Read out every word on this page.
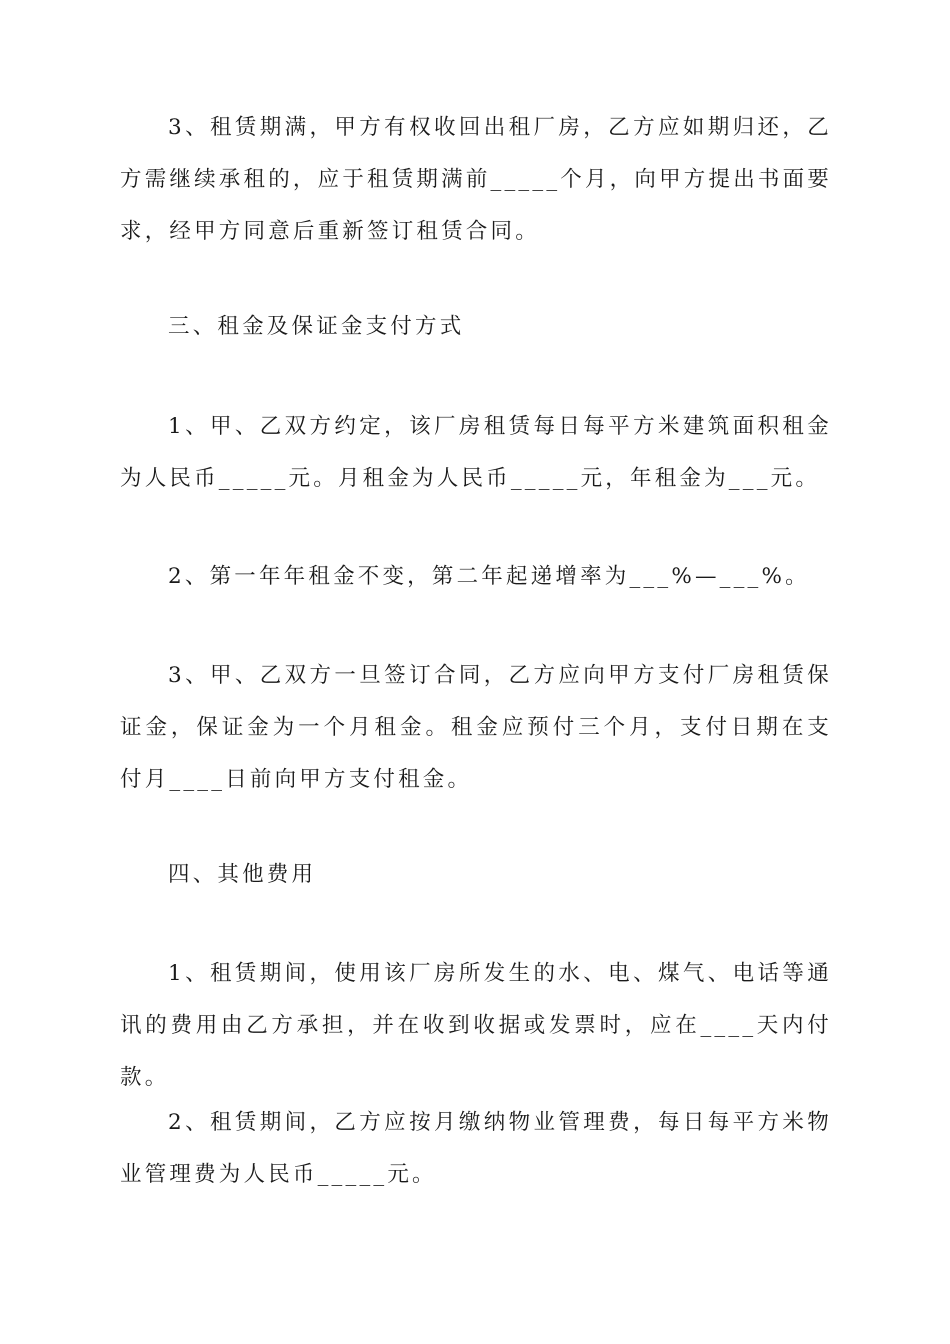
3、租赁期满，甲方有权收回出租厂房，乙方应如期归还，乙方需继续承租的，应于租赁期满前_____个月，向甲方提出书面要求，经甲方同意后重新签订租赁合同。

三、租金及保证金支付方式

1、甲、乙双方约定，该厂房租赁每日每平方米建筑面积租金为人民币_____元。月租金为人民币_____元，年租金为___元。

2、第一年年租金不变，第二年起递增率为___%—___%。

3、甲、乙双方一旦签订合同，乙方应向甲方支付厂房租赁保证金，保证金为一个月租金。租金应预付三个月，支付日期在支付月____日前向甲方支付租金。

四、其他费用

1、租赁期间，使用该厂房所发生的水、电、煤气、电话等通讯的费用由乙方承担，并在收到收据或发票时，应在____天内付款。

2、租赁期间，乙方应按月缴纳物业管理费，每日每平方米物业管理费为人民币_____元。
